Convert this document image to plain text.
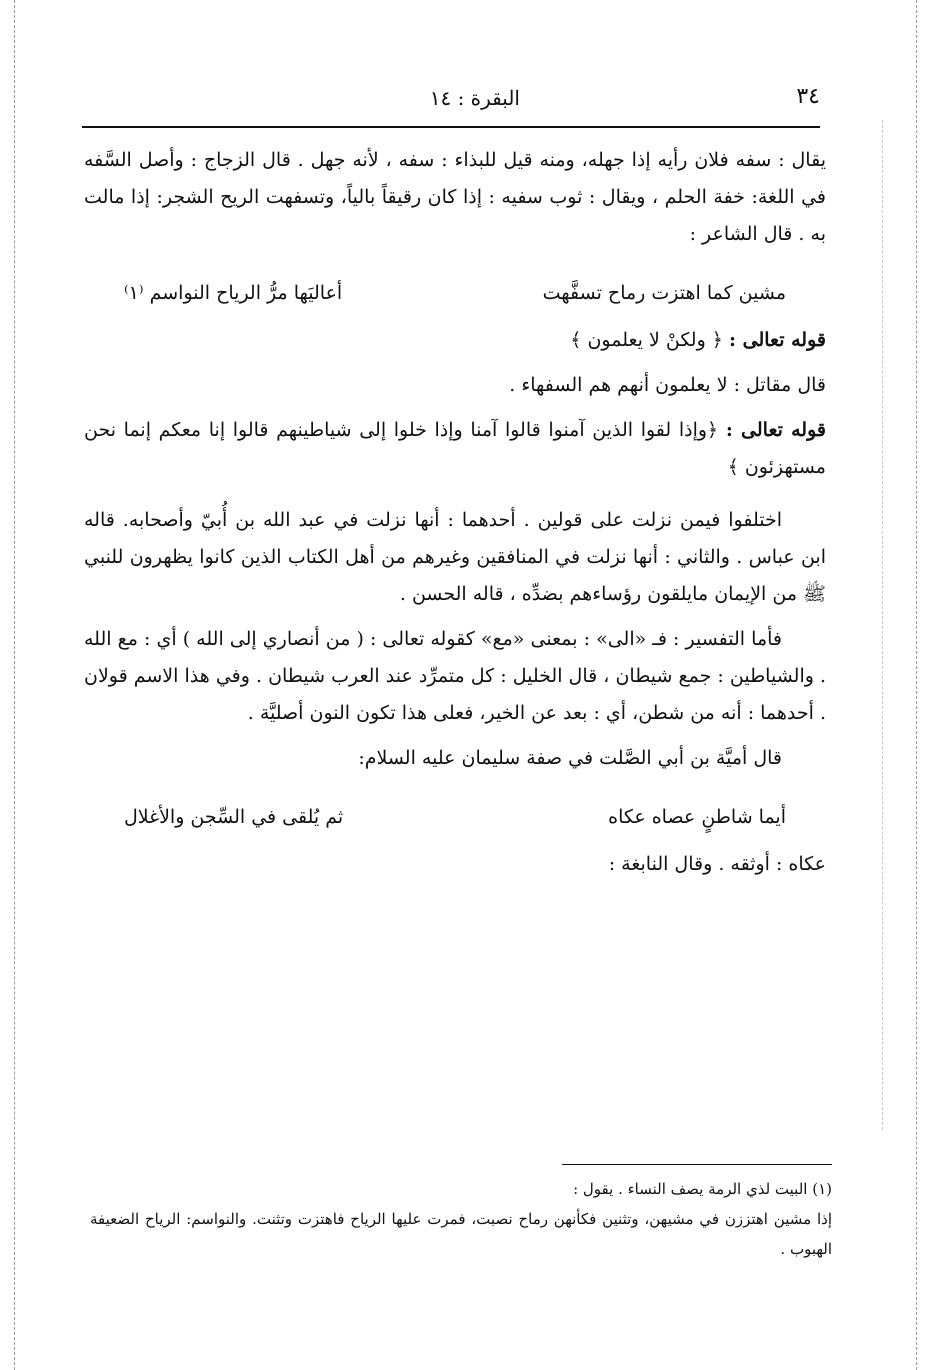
٣٤
البقرة : ١٤

يقال : سفه فلان رأيه إذا جهله، ومنه قيل للبذاء : سفه ، لأنه جهل . قال الزجاج : وأصل السَّفه في اللغة: خفة الحلم ، ويقال : ثوب سفيه : إذا كان رقيقاً بالياً، وتسفهت الريح الشجر: إذا مالت به . قال الشاعر :

مشين كما اهتزت رماح تسفَّهت
أعاليَها مرُّ الرياح النواسم ⁽١⁾

قوله تعالى : ﴿ ولكنْ لا يعلمون ﴾

قال مقاتل : لا يعلمون أنهم هم السفهاء .

قوله تعالى : ﴿وإذا لقوا الذين آمنوا قالوا آمنا وإذا خلوا إلى شياطينهم قالوا إنا معكم إنما نحن مستهزئون ﴾

اختلفوا فيمن نزلت على قولين . أحدهما : أنها نزلت في عبد الله بن أُبيّ وأصحابه. قاله ابن عباس . والثاني : أنها نزلت في المنافقين وغيرهم من أهل الكتاب الذين كانوا يظهرون للنبي ﷺ من الإيمان مايلقون رؤساءهم بضدِّه ، قاله الحسن .

فأما التفسير : فـ «الى» : بمعنى «مع» كقوله تعالى : ( من أنصاري إلى الله ) أي : مع الله . والشياطين : جمع شيطان ، قال الخليل : كل متمرِّد عند العرب شيطان . وفي هذا الاسم قولان . أحدهما : أنه من شطن، أي : بعد عن الخير، فعلى هذا تكون النون أصليَّة .

قال أميَّة بن أبي الصَّلت في صفة سليمان عليه السلام:

أيما شاطنٍ عصاه عكاه
ثم يُلقى في السِّجن والأغلال

عكاه : أوثقه . وقال النابغة :

(١) البيت لذي الرمة يصف النساء . يقول :

إذا مشين اهتززن في مشيهن، وتثنين فكأنهن رماح نصبت، فمرت عليها الرياح فاهتزت وتثنت. والنواسم: الرياح الضعيفة الهبوب .
